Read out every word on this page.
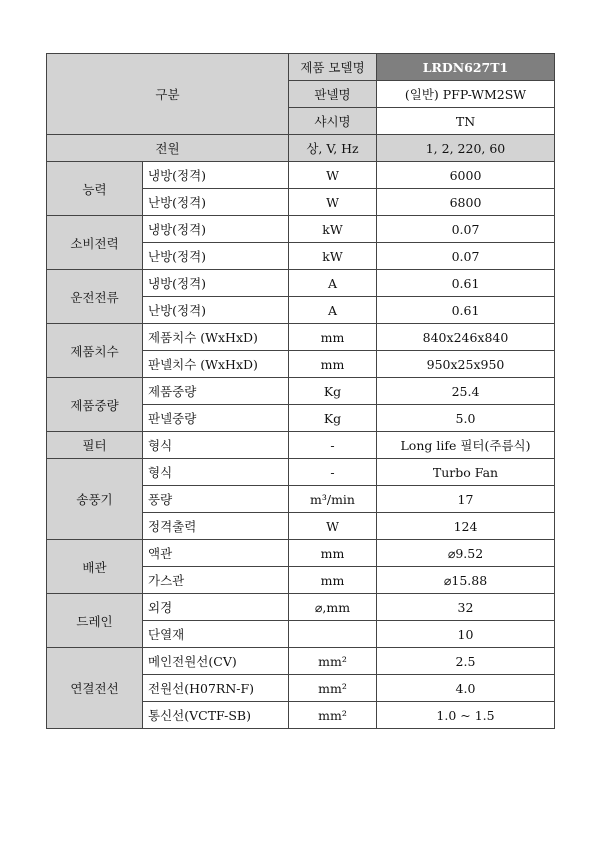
구분		제품 모델명	LRDN627T1
		판넬명	(일반) PFP-WM2SW
		샤시명	TN
전원		상, V, Hz	1, 2, 220, 60
능력	냉방(정격)	W	6000
	난방(정격)	W	6800
소비전력	냉방(정격)	kW	0.07
	난방(정격)	kW	0.07
운전전류	냉방(정격)	A	0.61
	난방(정격)	A	0.61
제품치수	제품치수 (WxHxD)	mm	840x246x840
	판넬치수 (WxHxD)	mm	950x25x950
제품중량	제품중량	Kg	25.4
	판넬중량	Kg	5.0
필터	형식	-	Long life 필터(주름식)
송풍기	형식	-	Turbo Fan
	풍량	m³/min	17
	정격출력	W	124
배관	액관	mm	⌀9.52
	가스관	mm	⌀15.88
드레인	외경	⌀,mm	32
	단열재		10
연결전선	메인전원선(CV)	mm²	2.5
	전원선(H07RN-F)	mm²	4.0
	통신선(VCTF-SB)	mm²	1.0 ~ 1.5
